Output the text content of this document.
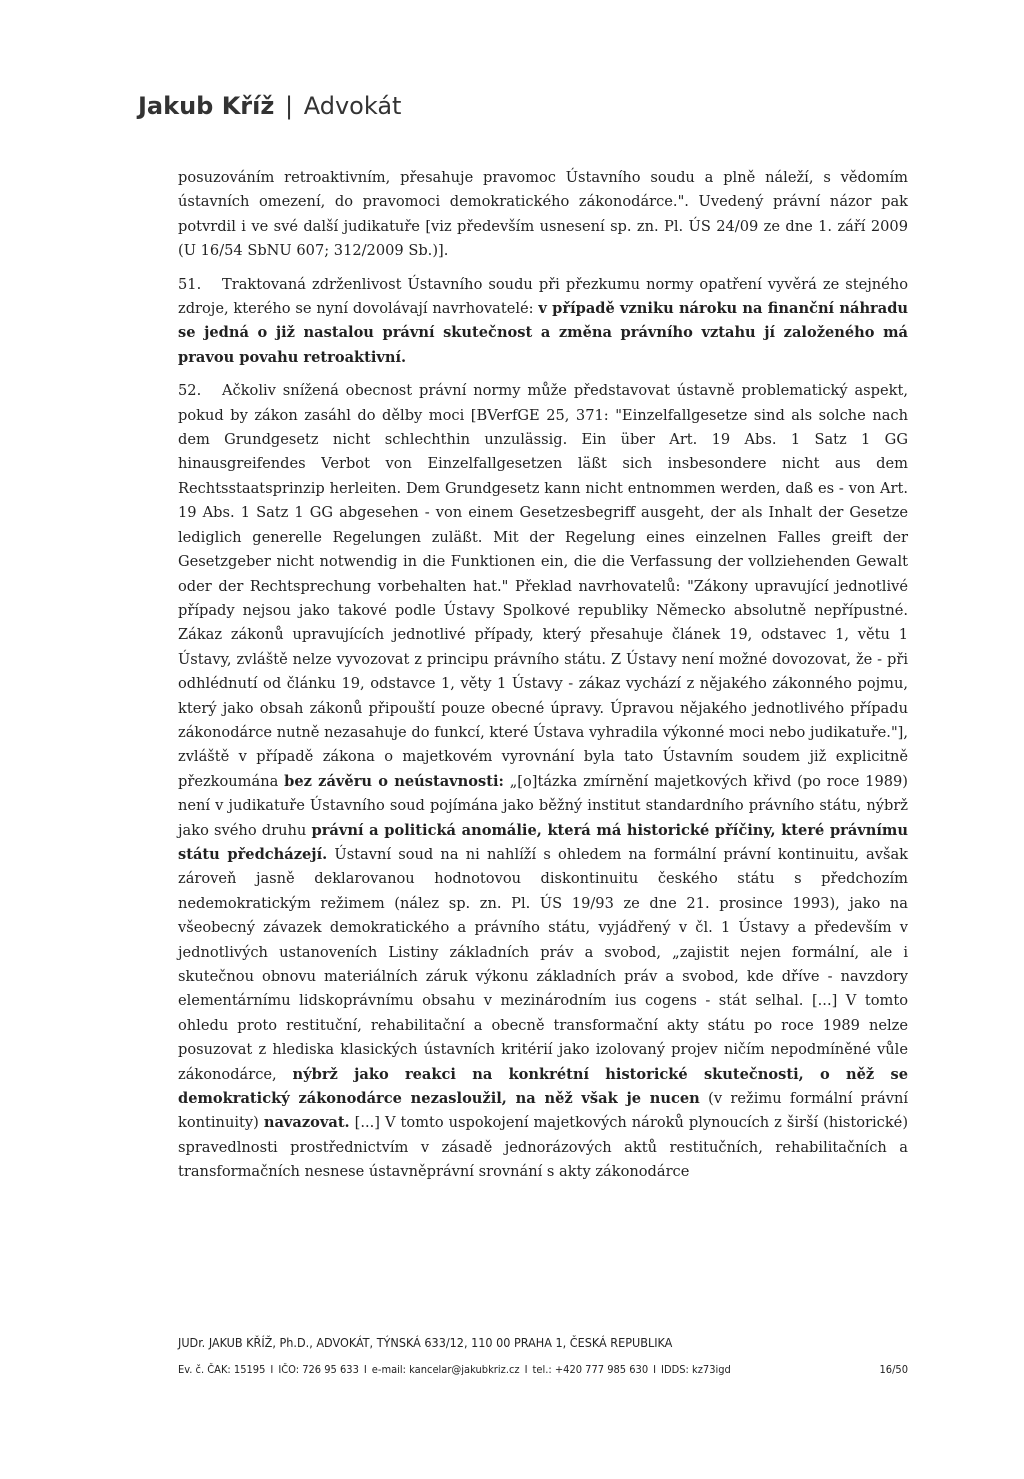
Jakub Kříž | Advokát

posuzováním retroaktivním, přesahuje pravomoc Ústavního soudu a plně náleží, s vědomím ústavních omezení, do pravomoci demokratického zákonodárce.". Uvedený právní názor pak potvrdil i ve své další judikatuře [viz především usnesení sp. zn. Pl. ÚS 24/09 ze dne 1. září 2009 (U 16/54 SbNU 607; 312/2009 Sb.)].

51. Traktovaná zdrženlivost Ústavního soudu při přezkumu normy opatření vyvěrá ze stejného zdroje, kterého se nyní dovolávají navrhovatelé: v případě vzniku nároku na finanční náhradu se jedná o již nastalou právní skutečnost a změna právního vztahu jí založeného má pravou povahu retroaktivní.

52. Ačkoliv snížená obecnost právní normy může představovat ústavně problematický aspekt, pokud by zákon zasáhl do dělby moci [BVerfGE 25, 371: "Einzelfallgesetze sind als solche nach dem Grundgesetz nicht schlechthin unzulässig. Ein über Art. 19 Abs. 1 Satz 1 GG hinausgreifendes Verbot von Einzelfallgesetzen läßt sich insbesondere nicht aus dem Rechtsstaatsprinzip herleiten. Dem Grundgesetz kann nicht entnommen werden, daß es - von Art. 19 Abs. 1 Satz 1 GG abgesehen - von einem Gesetzesbegriff ausgeht, der als Inhalt der Gesetze lediglich generelle Regelungen zuläßt. Mit der Regelung eines einzelnen Falles greift der Gesetzgeber nicht notwendig in die Funktionen ein, die die Verfassung der vollziehenden Gewalt oder der Rechtsprechung vorbehalten hat." Překlad navrhovatelů: "Zákony upravující jednotlivé případy nejsou jako takové podle Ústavy Spolkové republiky Německo absolutně nepřípustné. Zákaz zákonů upravujících jednotlivé případy, který přesahuje článek 19, odstavec 1, větu 1 Ústavy, zvláště nelze vyvozovat z principu právního státu. Z Ústavy není možné dovozovat, že - při odhlédnutí od článku 19, odstavce 1, věty 1 Ústavy - zákaz vychází z nějakého zákonného pojmu, který jako obsah zákonů připouští pouze obecné úpravy. Úpravou nějakého jednotlivého případu zákonodárce nutně nezasahuje do funkcí, které Ústava vyhradila výkonné moci nebo judikatuře."], zvláště v případě zákona o majetkovém vyrovnání byla tato Ústavním soudem již explicitně přezkoumána bez závěru o neústavnosti: „[o]tázka zmírnění majetkových křivd (po roce 1989) není v judikatuře Ústavního soud pojímána jako běžný institut standardního právního státu, nýbrž jako svého druhu právní a politická anomálie, která má historické příčiny, které právnímu státu předcházejí. Ústavní soud na ni nahlíží s ohledem na formální právní kontinuitu, avšak zároveň jasně deklarovanou hodnotovou diskontinuitu českého státu s předchozím nedemokratickým režimem (nález sp. zn. Pl. ÚS 19/93 ze dne 21. prosince 1993), jako na všeobecný závazek demokratického a právního státu, vyjádřený v čl. 1 Ústavy a především v jednotlivých ustanoveních Listiny základních práv a svobod, „zajistit nejen formální, ale i skutečnou obnovu materiálních záruk výkonu základních práv a svobod, kde dříve - navzdory elementárnímu lidskoprávnímu obsahu v mezinárodním ius cogens - stát selhal. [...] V tomto ohledu proto restituční, rehabilitační a obecně transformační akty státu po roce 1989 nelze posuzovat z hlediska klasických ústavních kritérií jako izolovaný projev ničím nepodmíněné vůle zákonodárce, nýbrž jako reakci na konkrétní historické skutečnosti, o něž se demokratický zákonodárce nezasloužil, na něž však je nucen (v režimu formální právní kontinuity) navazovat. [...] V tomto uspokojení majetkových nároků plynoucích z širší (historické) spravedlnosti prostřednictvím v zásadě jednorázových aktů restitučních, rehabilitačních a transformačních nesnese ústavněprávní srovnání s akty zákonodárce

JUDr. JAKUB KŘÍŽ, Ph.D., ADVOKÁT, TÝNSKÁ 633/12, 110 00 PRAHA 1, ČESKÁ REPUBLIKA
Ev. č. ČAK: 15195 I IČO: 726 95 633 I e-mail: kancelar@jakubkriz.cz I tel.: +420 777 985 630 I IDDS: kz73igd	16/50
